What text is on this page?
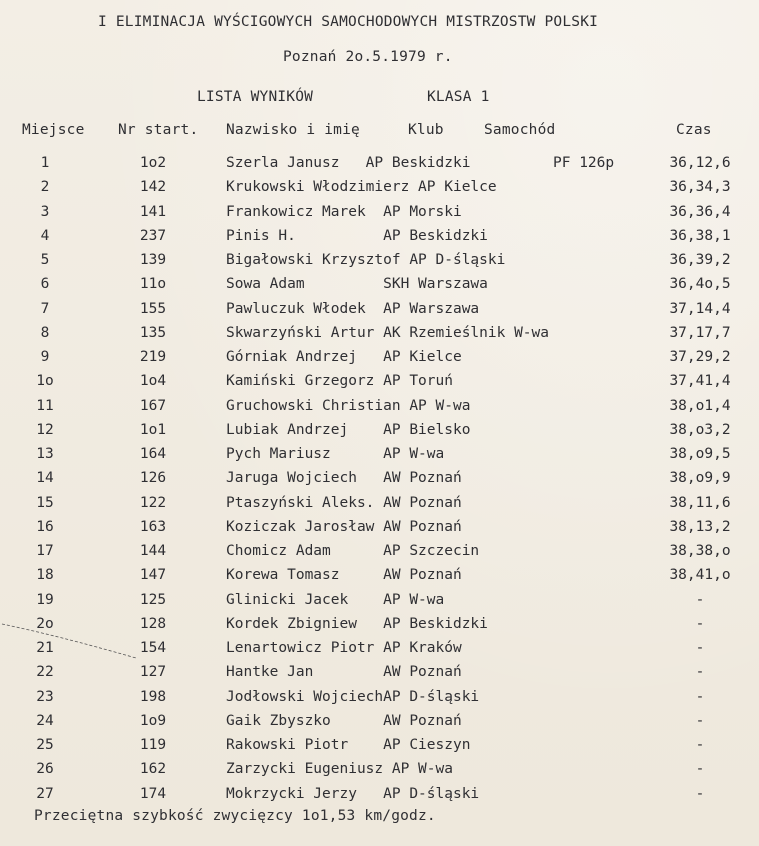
I ELIMINACJA WYŚCIGOWYCH SAMOCHODOWYCH MISTRZOSTW POLSKI
Poznań 2o.5.1979 r.
LISTA WYNIKÓW	KLASA 1
Miejsce Nr start. Nazwisko i imię	Klub	Samochód	Czas
1	1o2	Szerla Janusz   AP Beskidzki	PF 126p	36,12,6
2	142	Krukowski Włodzimierz AP Kielce	36,34,3
3	141	Frankowicz Marek  AP Morski	36,36,4
4	237	Pinis H.          AP Beskidzki	36,38,1
5	139	Bigałowski Krzysztof AP D-śląski	36,39,2
6	11o	Sowa Adam         SKH Warszawa	36,4o,5
7	155	Pawluczuk Włodek  AP Warszawa	37,14,4
8	135	Skwarzyński Artur AK Rzemieślnik W-wa	37,17,7
9	219	Górniak Andrzej   AP Kielce	37,29,2
1o	1o4	Kamiński Grzegorz AP Toruń	37,41,4
11	167	Gruchowski Christian AP W-wa	38,o1,4
12	1o1	Lubiak Andrzej    AP Bielsko	38,o3,2
13	164	Pych Mariusz      AP W-wa	38,o9,5
14	126	Jaruga Wojciech   AW Poznań	38,o9,9
15	122	Ptaszyński Aleks. AW Poznań	38,11,6
16	163	Koziczak Jarosław AW Poznań	38,13,2
17	144	Chomicz Adam      AP Szczecin	38,38,o
18	147	Korewa Tomasz     AW Poznań	38,41,o
19	125	Glinicki Jacek    AP W-wa	-
2o	128	Kordek Zbigniew   AP Beskidzki	-
21	154	Lenartowicz Piotr AP Kraków	-
22	127	Hantke Jan        AW Poznań	-
23	198	Jodłowski WojciechAP D-śląski	-
24	1o9	Gaik Zbyszko      AW Poznań	-
25	119	Rakowski Piotr    AP Cieszyn	-
26	162	Zarzycki Eugeniusz AP W-wa	-
27	174	Mokrzycki Jerzy   AP D-śląski	-
Przeciętna szybkość zwycięzcy 1o1,53 km/godz.
